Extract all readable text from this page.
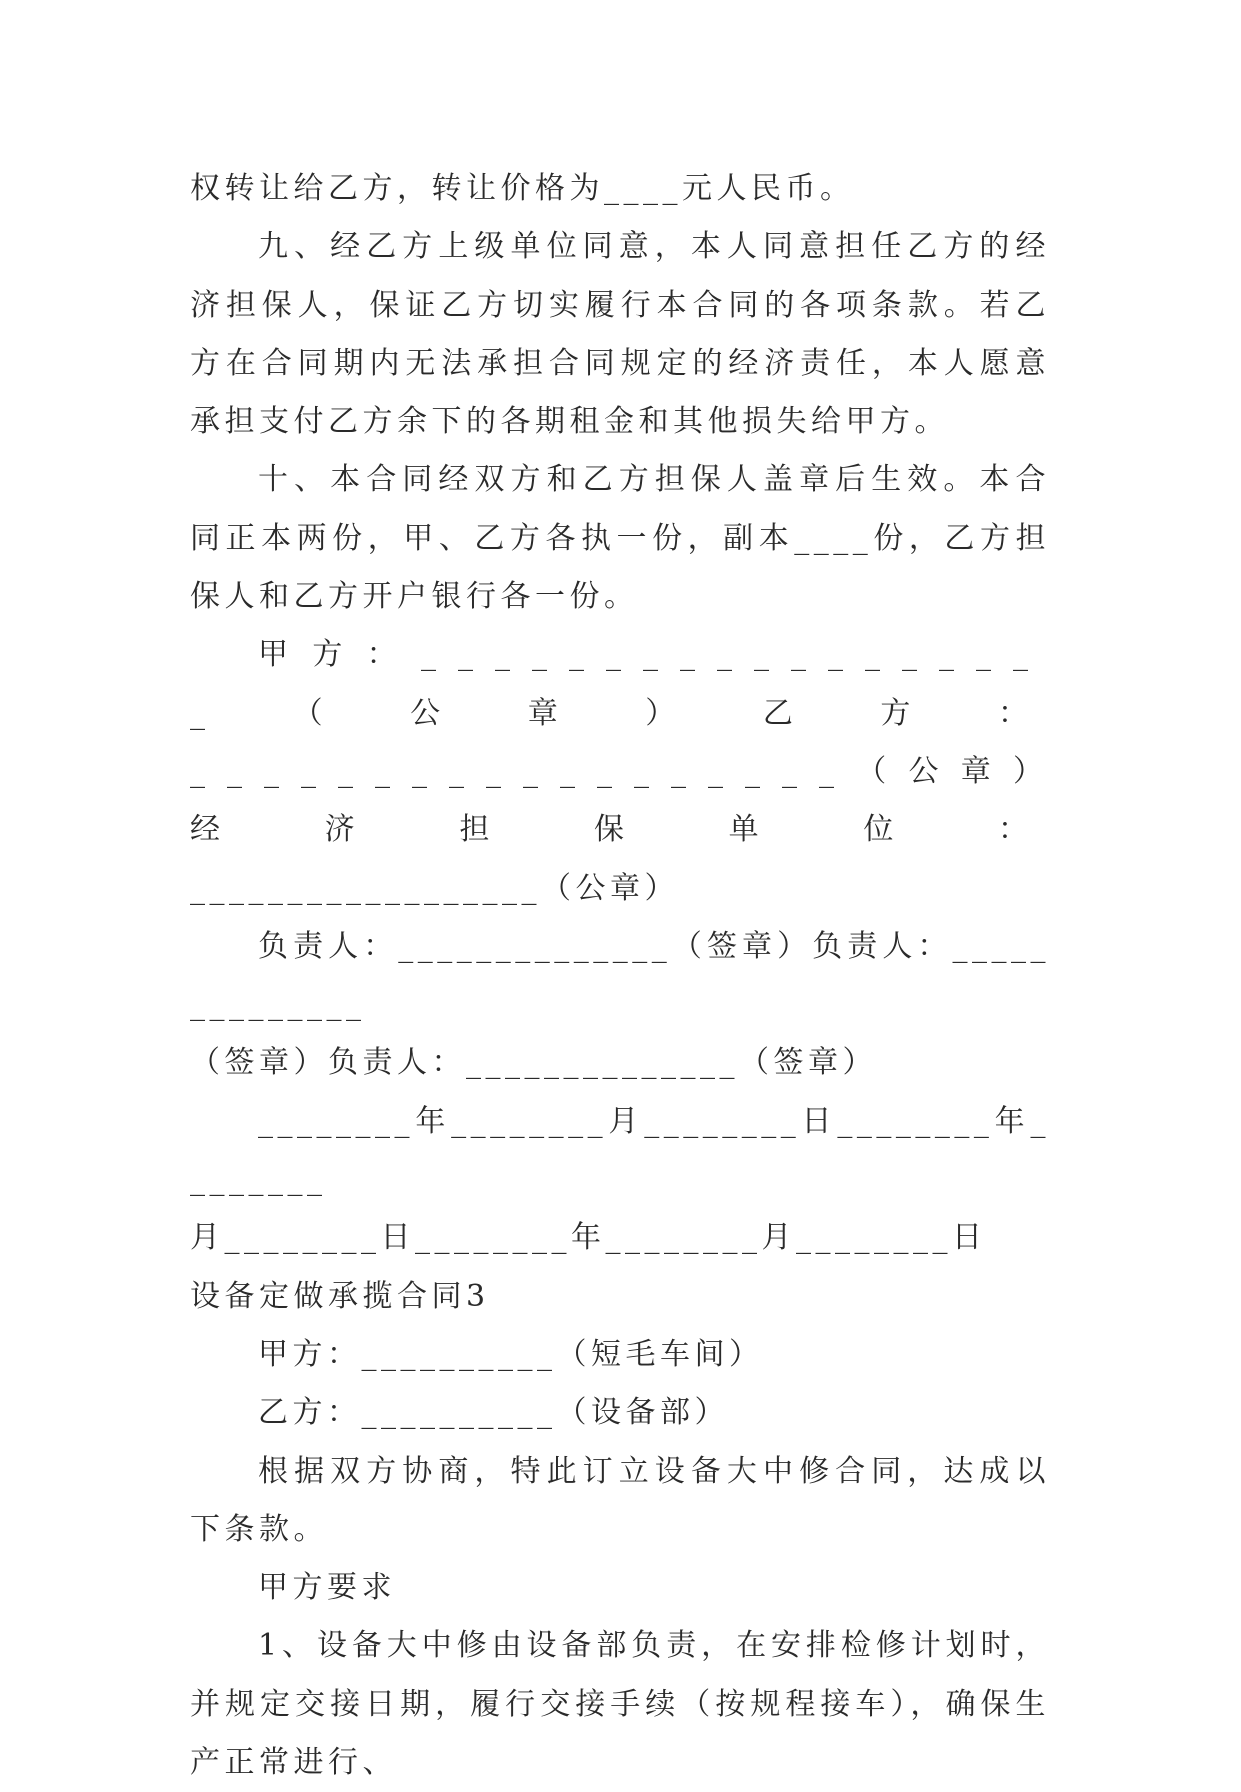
权转让给乙方，转让价格为____元人民币。

九、经乙方上级单位同意，本人同意担任乙方的经济担保人，保证乙方切实履行本合同的各项条款。若乙方在合同期内无法承担合同规定的经济责任，本人愿意承担支付乙方余下的各期租金和其他损失给甲方。

十、本合同经双方和乙方担保人盖章后生效。本合同正本两份，甲、乙方各执一份，副本____份，乙方担保人和乙方开户银行各一份。

甲方：__________________（公章）乙方：

__________________（公章）经济担保单位：

__________________（公章）

负责人：______________（签章）负责人：______________

（签章）负责人：______________（签章）

________年________月________日________年________

月________日________年________月________日

设备定做承揽合同3

甲方：__________（短毛车间）

乙方：__________（设备部）

根据双方协商，特此订立设备大中修合同，达成以下条款。

甲方要求

1、设备大中修由设备部负责，在安排检修计划时，并规定交接日期，履行交接手续（按规程接车），确保生产正常进行、
